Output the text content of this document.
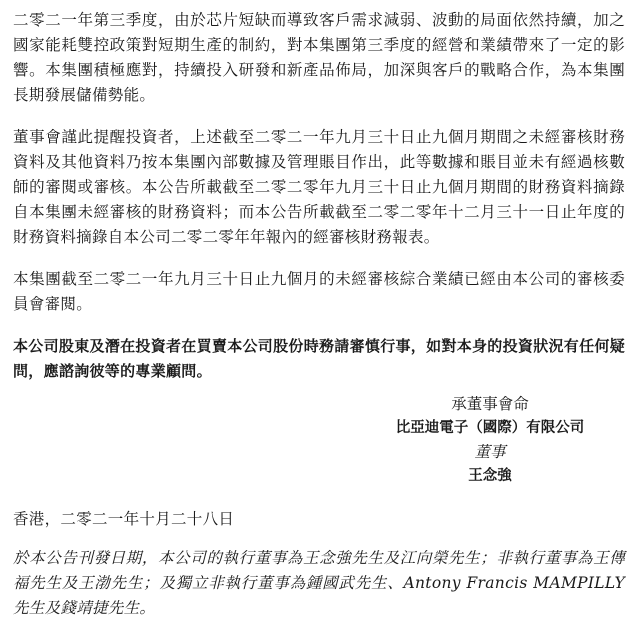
二零二一年第三季度，由於芯片短缺而導致客戶需求減弱、波動的局面依然持續，加之國家能耗雙控政策對短期生產的制約，對本集團第三季度的經營和業績帶來了一定的影響。本集團積極應對，持續投入研發和新產品佈局，加深與客戶的戰略合作，為本集團長期發展儲備勢能。

董事會謹此提醒投資者，上述截至二零二一年九月三十日止九個月期間之未經審核財務資料及其他資料乃按本集團內部數據及管理賬目作出，此等數據和賬目並未有經過核數師的審閱或審核。本公告所載截至二零二零年九月三十日止九個月期間的財務資料摘錄自本集團未經審核的財務資料；而本公告所載截至二零二零年十二月三十一日止年度的財務資料摘錄自本公司二零二零年年報內的經審核財務報表。

本集團截至二零二一年九月三十日止九個月的未經審核綜合業績已經由本公司的審核委員會審閱。

本公司股東及潛在投資者在買賣本公司股份時務請審慎行事，如對本身的投資狀況有任何疑問，應諮詢彼等的專業顧問。

承董事會命

比亞迪電子（國際）有限公司

董事

王念強

香港，二零二一年十月二十八日

於本公告刊發日期，本公司的執行董事為王念強先生及江向榮先生；非執行董事為王傳福先生及王渤先生；及獨立非執行董事為鍾國武先生、Antony Francis MAMPILLY先生及錢靖捷先生。
